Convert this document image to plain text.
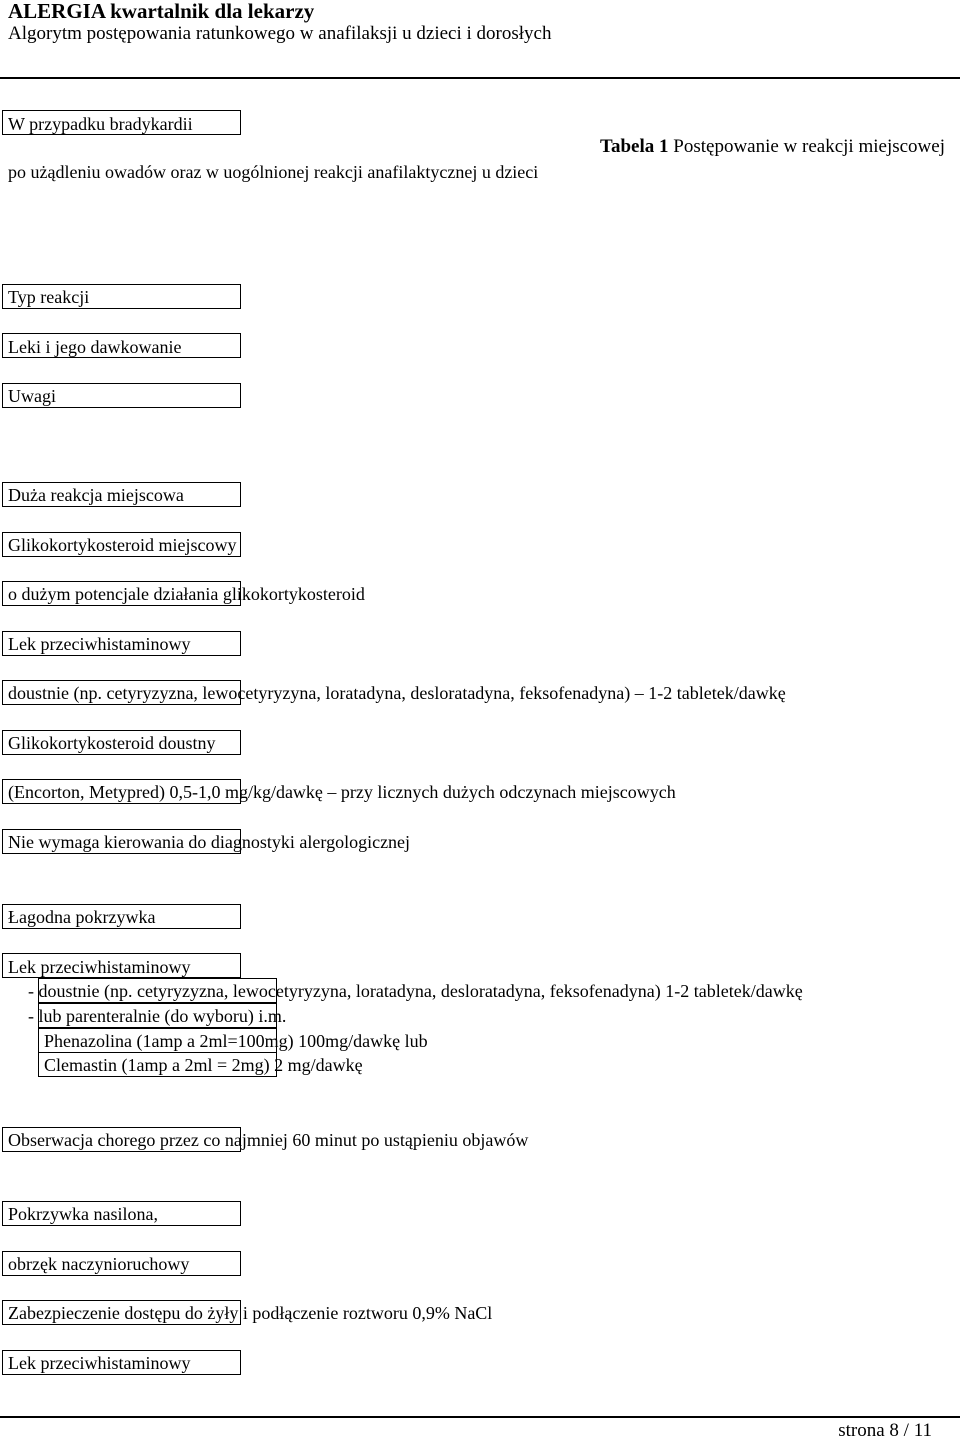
ALERGIA kwartalnik dla lekarzy
Algorytm postępowania ratunkowego w anafilaksji u dzieci i dorosłych
W przypadku bradykardii
Tabela 1 Postępowanie w reakcji miejscowej
po użądleniu owadów oraz w uogólnionej reakcji anafilaktycznej u dzieci
Typ reakcji
Leki i jego dawkowanie
Uwagi
Duża reakcja miejscowa
Glikokortykosteroid miejscowy
o dużym potencjale działania glikokortykosteroid
Lek przeciwhistaminowy
doustnie (np. cetyryzyzna, lewocetyryzyna, loratadyna, desloratadyna, feksofenadyna) – 1-2 tabletek/dawkę
Glikokortykosteroid doustny
(Encorton, Metypred) 0,5-1,0 mg/kg/dawkę – przy licznych dużych odczynach miejscowych
Nie wymaga kierowania do diagnostyki alergologicznej
Łagodna pokrzywka
Lek przeciwhistaminowy
- doustnie (np. cetyryzyzna, lewocetyryzyna, loratadyna, desloratadyna, feksofenadyna) 1-2 tabletek/dawkę
- lub parenteralnie (do wyboru) i.m.
Phenazolina (1amp a 2ml=100mg) 100mg/dawkę lub
Clemastin (1amp a 2ml = 2mg) 2 mg/dawkę
Obserwacja chorego przez co najmniej 60 minut po ustąpieniu objawów
Pokrzywka nasilona,
obrzęk naczynioruchowy
Zabezpieczenie dostępu do żyły i podłączenie roztworu 0,9% NaCl
Lek przeciwhistaminowy
strona 8 / 11
